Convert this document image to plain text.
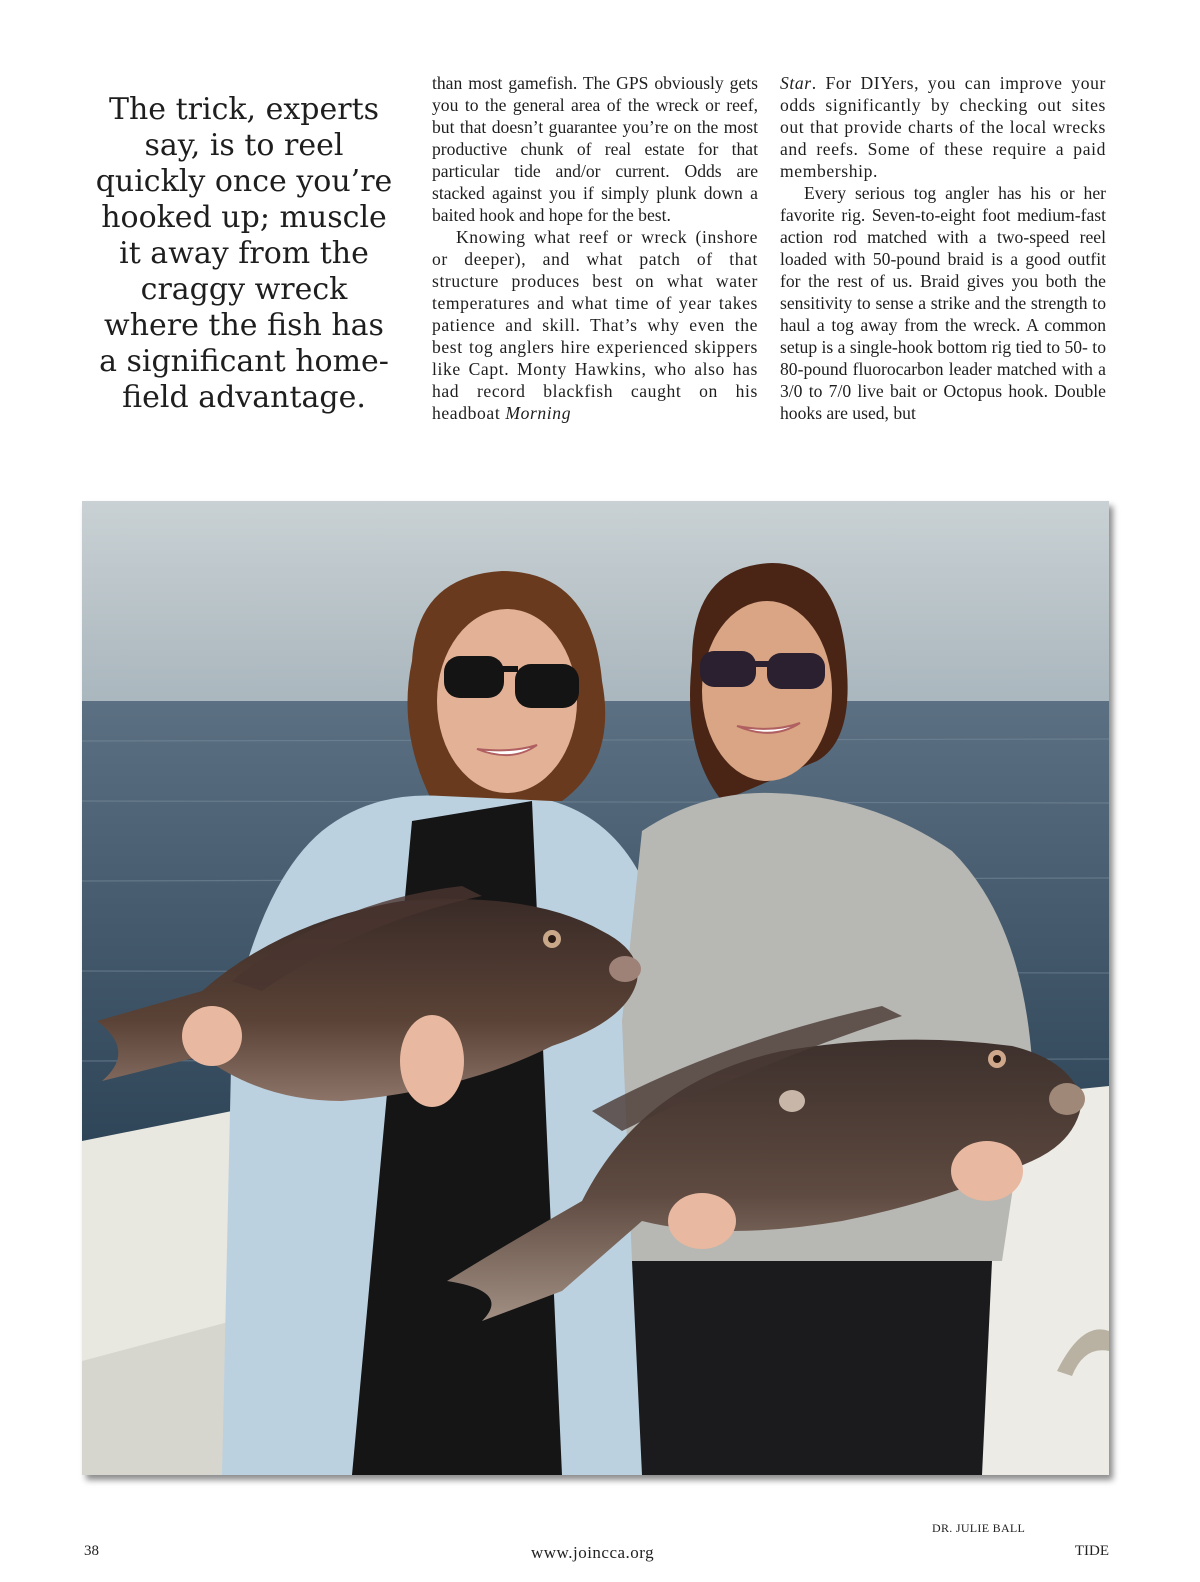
The trick, experts say, is to reel quickly once you’re hooked up; muscle it away from the craggy wreck where the fish has a significant home-field advantage.

than most gamefish. The GPS obviously gets you to the general area of the wreck or reef, but that doesn’t guarantee you’re on the most productive chunk of real estate for that particular tide and/or current. Odds are stacked against you if simply plunk down a baited hook and hope for the best.

Knowing what reef or wreck (inshore or deeper), and what patch of that structure produces best on what water temperatures and what time of year takes patience and skill. That’s why even the best tog anglers hire experienced skippers like Capt. Monty Hawkins, who also has had record blackfish caught on his headboat Morning

Star. For DIYers, you can improve your odds significantly by checking out sites out that provide charts of the local wrecks and reefs. Some of these require a paid membership.

Every serious tog angler has his or her favorite rig. Seven-to-eight foot medium-fast action rod matched with a two-speed reel loaded with 50-pound braid is a good outfit for the rest of us. Braid gives you both the sensitivity to sense a strike and the strength to haul a tog away from the wreck. A common setup is a single-hook bottom rig tied to 50- to 80-pound fluorocarbon leader matched with a 3/0 to 7/0 live bait or Octopus hook. Double hooks are used, but

DR. JULIE BALL

38	www.joincca.org	TIDE
